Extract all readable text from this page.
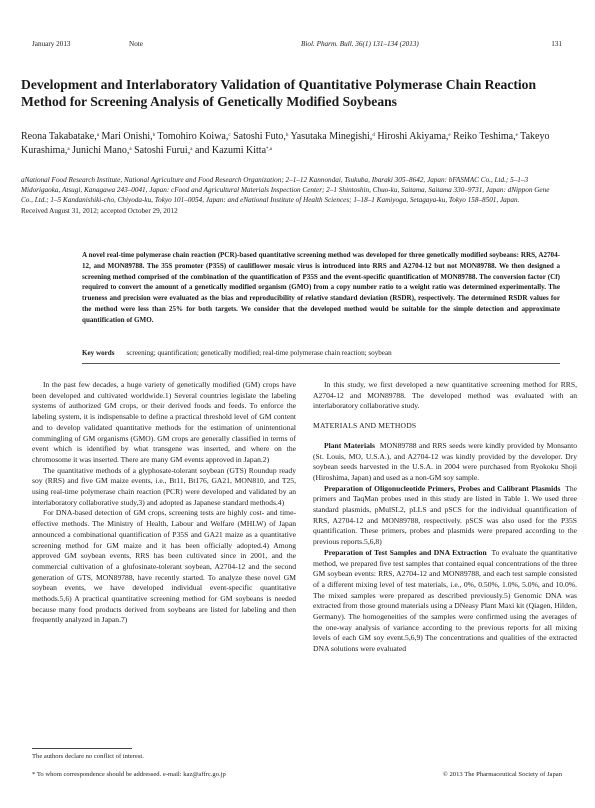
January 2013	Note	Biol. Pharm. Bull. 36(1) 131–134 (2013)	131
Development and Interlaboratory Validation of Quantitative Polymerase Chain Reaction Method for Screening Analysis of Genetically Modified Soybeans
Reona Takabatake,$^a$ Mari Onishi,$^b$ Tomohiro Koiwa,$^c$ Satoshi Futo,$^b$ Yasutaka Minegishi,$^d$ Hiroshi Akiyama,$^e$ Reiko Teshima,$^e$ Takeyo Kurashima,$^a$ Junichi Mano,$^a$ Satoshi Furui,$^a$ and Kazumi Kitta$^{*,a}$
aNational Food Research Institute, National Agriculture and Food Research Organization; 2–1–12 Kannondai, Tsukuba, Ibaraki 305–8642, Japan: bFASMAC Co., Ltd.; 5–1–3 Midorigaoka, Atsugi, Kanagawa 243–0041, Japan: cFood and Agricultural Materials Inspection Center; 2–1 Shintoshin, Chuo-ku, Saitama, Saitama 330–9731, Japan: dNippon Gene Co., Ltd.; 1–5 Kandanishiki-cho, Chiyoda-ku, Tokyo 101–0054, Japan: and eNational Institute of Health Sciences; 1–18–1 Kamiyoga, Setagaya-ku, Tokyo 158–8501, Japan.
Received August 31, 2012; accepted October 29, 2012

A novel real-time polymerase chain reaction (PCR)-based quantitative screening method was developed for three genetically modified soybeans: RRS, A2704-12, and MON89788. The 35S promoter (P35S) of cauliflower mosaic virus is introduced into RRS and A2704-12 but not MON89788. We then designed a screening method comprised of the combination of the quantification of P35S and the event-specific quantification of MON89788. The conversion factor (Cf) required to convert the amount of a genetically modified organism (GMO) from a copy number ratio to a weight ratio was determined experimentally. The trueness and precision were evaluated as the bias and reproducibility of relative standard deviation (RSDR), respectively. The determined RSDR values for the method were less than 25% for both targets. We consider that the developed method would be suitable for the simple detection and approximate quantification of GMO.

Key words screening; quantification; genetically modified; real-time polymerase chain reaction; soybean

In the past few decades, a huge variety of genetically modified (GM) crops have been developed and cultivated worldwide.1) Several countries legislate the labeling systems of authorized GM crops, or their derived foods and feeds. To enforce the labeling system, it is indispensable to define a practical threshold level of GM content and to develop validated quantitative methods for the estimation of unintentional commingling of GM organisms (GMO). GM crops are generally classified in terms of event which is identified by what transgene was inserted, and where on the chromosome it was inserted. There are many GM events approved in Japan.2)

The quantitative methods of a glyphosate-tolerant soybean (GTS) Roundup ready soy (RRS) and five GM maize events, i.e., Bt11, Bt176, GA21, MON810, and T25, using real-time polymerase chain reaction (PCR) were developed and validated by an interlaboratory collaborative study,3) and adopted as Japanese standard methods.4)

For DNA-based detection of GM crops, screening tests are highly cost- and time-effective methods. The Ministry of Health, Labour and Welfare (MHLW) of Japan announced a combinational quantification of P35S and GA21 maize as a quantitative screening method for GM maize and it has been officially adopted.4) Among approved GM soybean events, RRS has been cultivated since in 2001, and the commercial cultivation of a glufosinate-tolerant soybean, A2704-12 and the second generation of GTS, MON89788, have recently started. To analyze these novel GM soybean events, we have developed individual event-specific quantitative methods.5,6) A practical quantitative screening method for GM soybeans is needed because many food products derived from soybeans are listed for labeling and then frequently analyzed in Japan.7)

In this study, we first developed a new quantitative screening method for RRS, A2704-12 and MON89788. The developed method was evaluated with an interlaboratory collaborative study.

MATERIALS AND METHODS

Plant Materials MON89788 and RRS seeds were kindly provided by Monsanto (St. Louis, MO, U.S.A.), and A2704-12 was kindly provided by the developer. Dry soybean seeds harvested in the U.S.A. in 2004 were purchased from Ryokoku Shoji (Hiroshima, Japan) and used as a non-GM soy sample.

Preparation of Oligonucleotide Primers, Probes and Calibrant Plasmids The primers and TaqMan probes used in this study are listed in Table 1. We used three standard plasmids, pMulSL2, pLLS and pSCS for the individual quantification of RRS, A2704-12 and MON89788, respectively. pSCS was also used for the P35S quantification. These primers, probes and plasmids were prepared according to the previous reports.5,6,8)

Preparation of Test Samples and DNA Extraction To evaluate the quantitative method, we prepared five test samples that contained equal concentrations of the three GM soybean events: RRS, A2704-12 and MON89788, and each test sample consisted of a different mixing level of test materials, i.e., 0%, 0.50%, 1.0%, 5.0%, and 10.0%. The mixed samples were prepared as described previously.5) Genomic DNA was extracted from those ground materials using a DNeasy Plant Maxi kit (Qiagen, Hilden, Germany). The homogeneities of the samples were confirmed using the averages of the one-way analysis of variance according to the previous reports for all mixing levels of each GM soy event.5,6,9) The concentrations and qualities of the extracted DNA solutions were evaluated

The authors declare no conflict of interest.
* To whom correspondence should be addressed. e-mail: kaz@affrc.go.jp	© 2013 The Pharmaceutical Society of Japan
